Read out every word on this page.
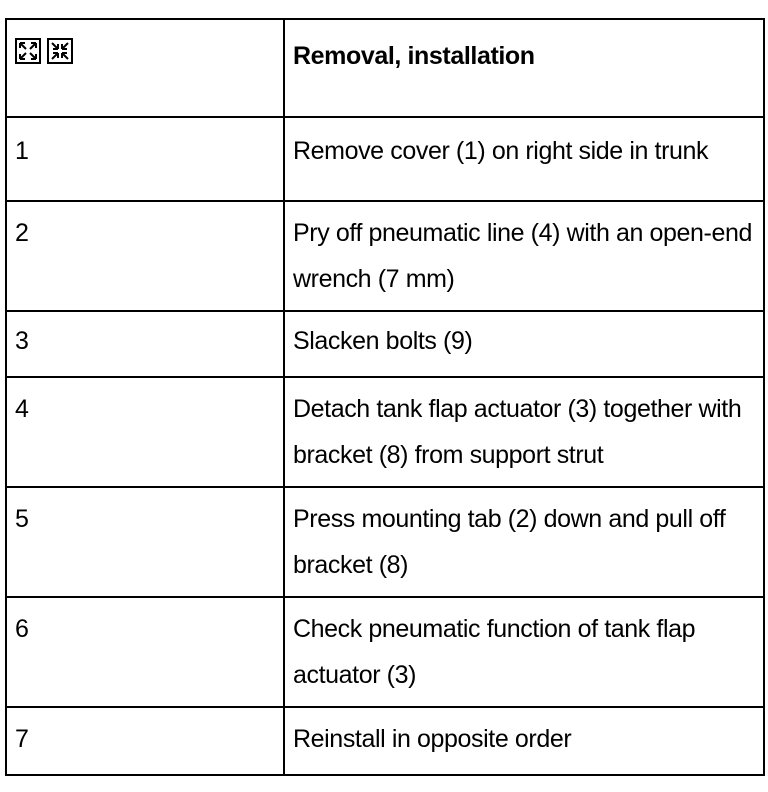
	Removal, installation
1	Remove cover (1) on right side in trunk
2	Pry off pneumatic line (4) with an open-end wrench (7 mm)
3	Slacken bolts (9)
4	Detach tank flap actuator (3) together with bracket (8) from support strut
5	Press mounting tab (2) down and pull off bracket (8)
6	Check pneumatic function of tank flap actuator (3)
7	Reinstall in opposite order
